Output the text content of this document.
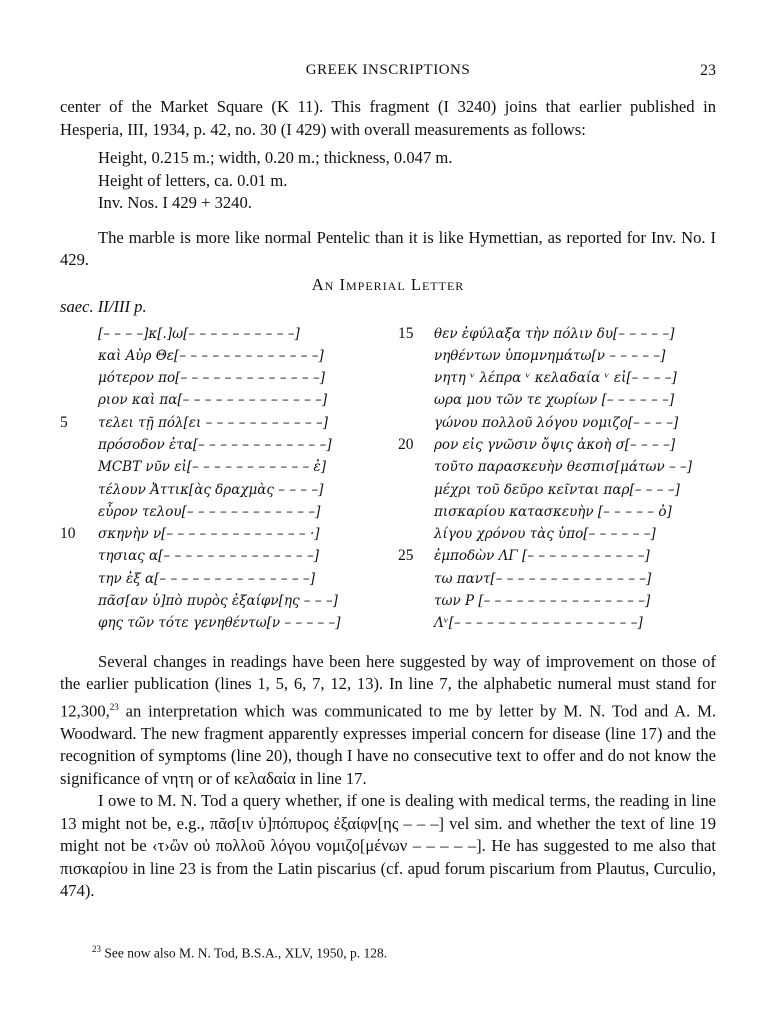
GREEK INSCRIPTIONS	23

center of the Market Square (K 11). This fragment (I 3240) joins that earlier published in Hesperia, III, 1934, p. 42, no. 30 (I 429) with overall measurements as follows:

Height, 0.215 m.; width, 0.20 m.; thickness, 0.047 m.
Height of letters, ca. 0.01 m.
Inv. Nos. I 429 + 3240.

The marble is more like normal Pentelic than it is like Hymettian, as reported for Inv. No. I 429.

An Imperial Letter
saec. II/III p.
[– – – –]κ[.]ω[– – – – – – – – – –]
καὶ Αὐρ Θε[– – – – – – – – – – – – –]
μότερον πο[– – – – – – – – – – – – –]
ριον καὶ πα[– – – – – – – – – – – – –]
5	τελει τῇ πόλ[ει – – – – – – – – – – –]
πρόσοδον ἐτα[– – – – – – – – – – – –]
ΜϹΒΤ νῦν εἰ[– – – – – – – – – – – ἐ]
τέλουν Ἀττικ[ὰς δραχμὰς – – – –]
εὗρον τελου[– – – – – – – – – – – –]
10	σκηνὴν ν[– – – – – – – – – – – – – ·]
τησιας α[– – – – – – – – – – – – – –]
την ἐξ α[– – – – – – – – – – – – – –]
πᾶσ[αν ὑ]πὸ πυρὸς ἐξαίφν[ης – – –]
φης τῶν τότε γενηθέντω[ν – – – – –]
15	θεν ἐφύλαξα τὴν πόλιν δυ[– – – – –]
νηθέντων ὑπομνημάτω[ν – – – – –]
νητη ᵛ λέπρα ᵛ κελαδαία ᵛ εἰ[– – – –]
ωρα μου τῶν τε χωρίων [– – – – – –]
γώνου πολλοῦ λόγου νομιζο[– – – –]
20	ρον εἰς γνῶσιν ὄψις ἀκοὴ σ[– – – –]
τοῦτο παρασκευὴν θεσπισ[μάτων – –]
μέχρι τοῦ δεῦρο κεῖνται παρ[– – – –]
πισκαρίου κατασκευὴν [– – – – – ὁ]
λίγου χρόνου τὰς ὑπο[– – – – – –]
25	ἐμποδὼν ΛΓ [– – – – – – – – – – –]
τω παντ[– – – – – – – – – – – – – –]
των Ρ [– – – – – – – – – – – – – – –]
Λᵛ[– – – – – – – – – – – – – – – – –]

Several changes in readings have been here suggested by way of improvement on those of the earlier publication (lines 1, 5, 6, 7, 12, 13). In line 7, the alphabetic numeral must stand for 12,300,23 an interpretation which was communicated to me by letter by M. N. Tod and A. M. Woodward. The new fragment apparently expresses imperial concern for disease (line 17) and the recognition of symptoms (line 20), though I have no consecutive text to offer and do not know the significance of νητη or of κελαδαία in line 17.

I owe to M. N. Tod a query whether, if one is dealing with medical terms, the reading in line 13 might not be, e.g., πᾶσ[ιν ὑ]πόπυρος ἐξαίφν[ης – – –] vel sim. and whether the text of line 19 might not be ‹τ›ὢν οὐ πολλοῦ λόγου νομιζο[μένων – – – – –]. He has suggested to me also that πισκαρίου in line 23 is from the Latin piscarius (cf. apud forum piscarium from Plautus, Curculio, 474).

$^{23}$ See now also M. N. Tod, B.S.A., XLV, 1950, p. 128.
